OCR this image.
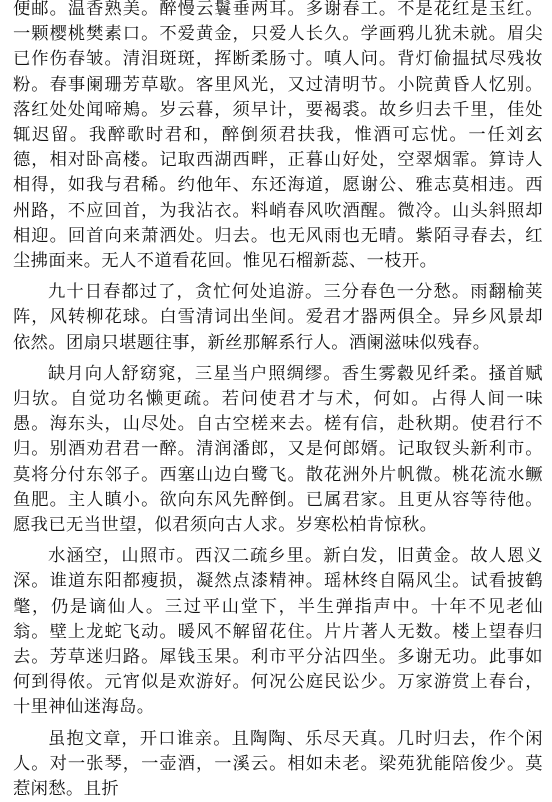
便邮。温香熟美。醉慢云鬟垂两耳。多谢春工。不是花红是玉红。一颗樱桃樊素口。不爱黄金，只爱人长久。学画鸦儿犹未就。眉尖已作伤春皱。清泪斑斑，挥断柔肠寸。嗔人问。背灯偷揾拭尽残妆粉。春事阑珊芳草歇。客里风光，又过清明节。小院黄昏人忆别。落红处处闻啼鴂。岁云暮，须早计，要褐裘。故乡归去千里，佳处辄迟留。我醉歌时君和，醉倒须君扶我，惟酒可忘忧。一任刘玄德，相对卧高楼。记取西湖西畔，正暮山好处，空翠烟霏。算诗人相得，如我与君稀。约他年、东还海道，愿谢公、雅志莫相违。西州路，不应回首，为我沾衣。料峭春风吹酒醒。微冷。山头斜照却相迎。回首向来萧洒处。归去。也无风雨也无晴。紫陌寻春去，红尘拂面来。无人不道看花回。惟见石榴新蕊、一枝开。

九十日春都过了，贪忙何处追游。三分春色一分愁。雨翻榆荚阵，风转柳花球。白雪清词出坐间。爱君才器两俱全。异乡风景却依然。团扇只堪题往事，新丝那解系行人。酒阑滋味似残春。

缺月向人舒窈窕，三星当户照绸缪。香生雾縠见纤柔。搔首赋归欤。自觉功名懒更疏。若问使君才与术，何如。占得人间一味愚。海东头，山尽处。自古空槎来去。槎有信，赴秋期。使君行不归。别酒劝君君一醉。清润潘郎，又是何郎婿。记取钗头新利市。莫将分付东邻子。西塞山边白鹭飞。散花洲外片帆微。桃花流水鳜鱼肥。主人瞋小。欲向东风先醉倒。已属君家。且更从容等待他。愿我已无当世望，似君须向古人求。岁寒松柏肯惊秋。

水涵空，山照市。西汉二疏乡里。新白发，旧黄金。故人恩义深。谁道东阳都瘦损，凝然点漆精神。瑶林终自隔风尘。试看披鹤氅，仍是谪仙人。三过平山堂下，半生弹指声中。十年不见老仙翁。壁上龙蛇飞动。暖风不解留花住。片片著人无数。楼上望春归去。芳草迷归路。犀钱玉果。利市平分沾四坐。多谢无功。此事如何到得侬。元宵似是欢游好。何况公庭民讼少。万家游赏上春台，十里神仙迷海岛。

虽抱文章，开口谁亲。且陶陶、乐尽天真。几时归去，作个闲人。对一张琴，一壶酒，一溪云。相如未老。梁苑犹能陪俊少。莫惹闲愁。且折
